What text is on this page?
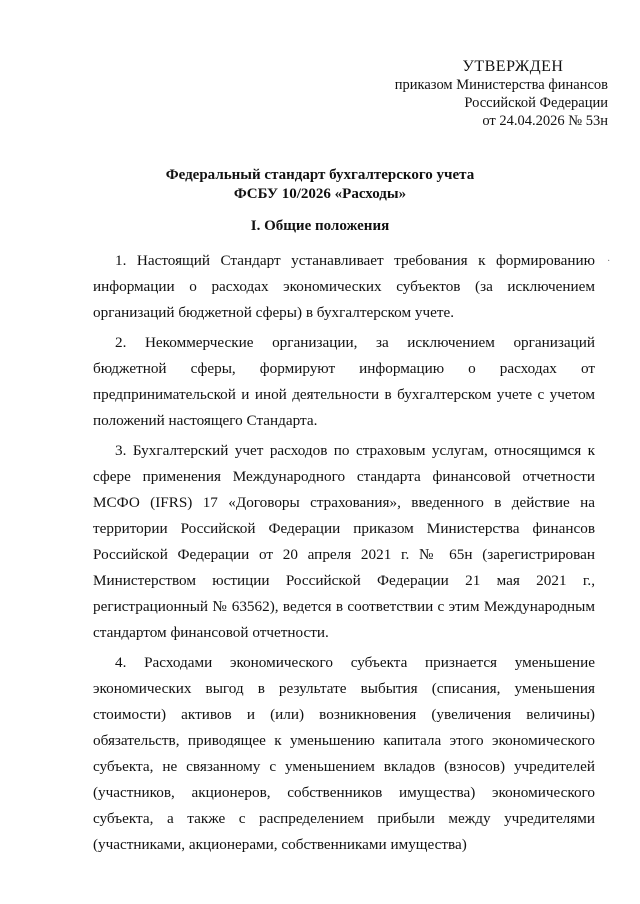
УТВЕРЖДЕН
приказом Министерства финансов
Российской Федерации
от 24.04.2026 № 53н
Федеральный стандарт бухгалтерского учета
ФСБУ 10/2026 «Расходы»
I. Общие положения
·

1. Настоящий Стандарт устанавливает требования к формированию информации о расходах экономических субъектов (за исключением организаций бюджетной сферы) в бухгалтерском учете.

2. Некоммерческие организации, за исключением организаций бюджетной сферы, формируют информацию о расходах от предпринимательской и иной деятельности в бухгалтерском учете с учетом положений настоящего Стандарта.

3. Бухгалтерский учет расходов по страховым услугам, относящимся к сфере применения Международного стандарта финансовой отчетности МСФО (IFRS) 17 «Договоры страхования», введенного в действие на территории Российской Федерации приказом Министерства финансов Российской Федерации от 20 апреля 2021 г. № 65н (зарегистрирован Министерством юстиции Российской Федерации 21 мая 2021 г., регистрационный № 63562), ведется в соответствии с этим Международным стандартом финансовой отчетности.

4. Расходами экономического субъекта признается уменьшение экономических выгод в результате выбытия (списания, уменьшения стоимости) активов и (или) возникновения (увеличения величины) обязательств, приводящее к уменьшению капитала этого экономического субъекта, не связанному с уменьшением вкладов (взносов) учредителей (участников, акционеров, собственников имущества) экономического субъекта, а также с распределением прибыли между учредителями (участниками, акционерами, собственниками имущества)
